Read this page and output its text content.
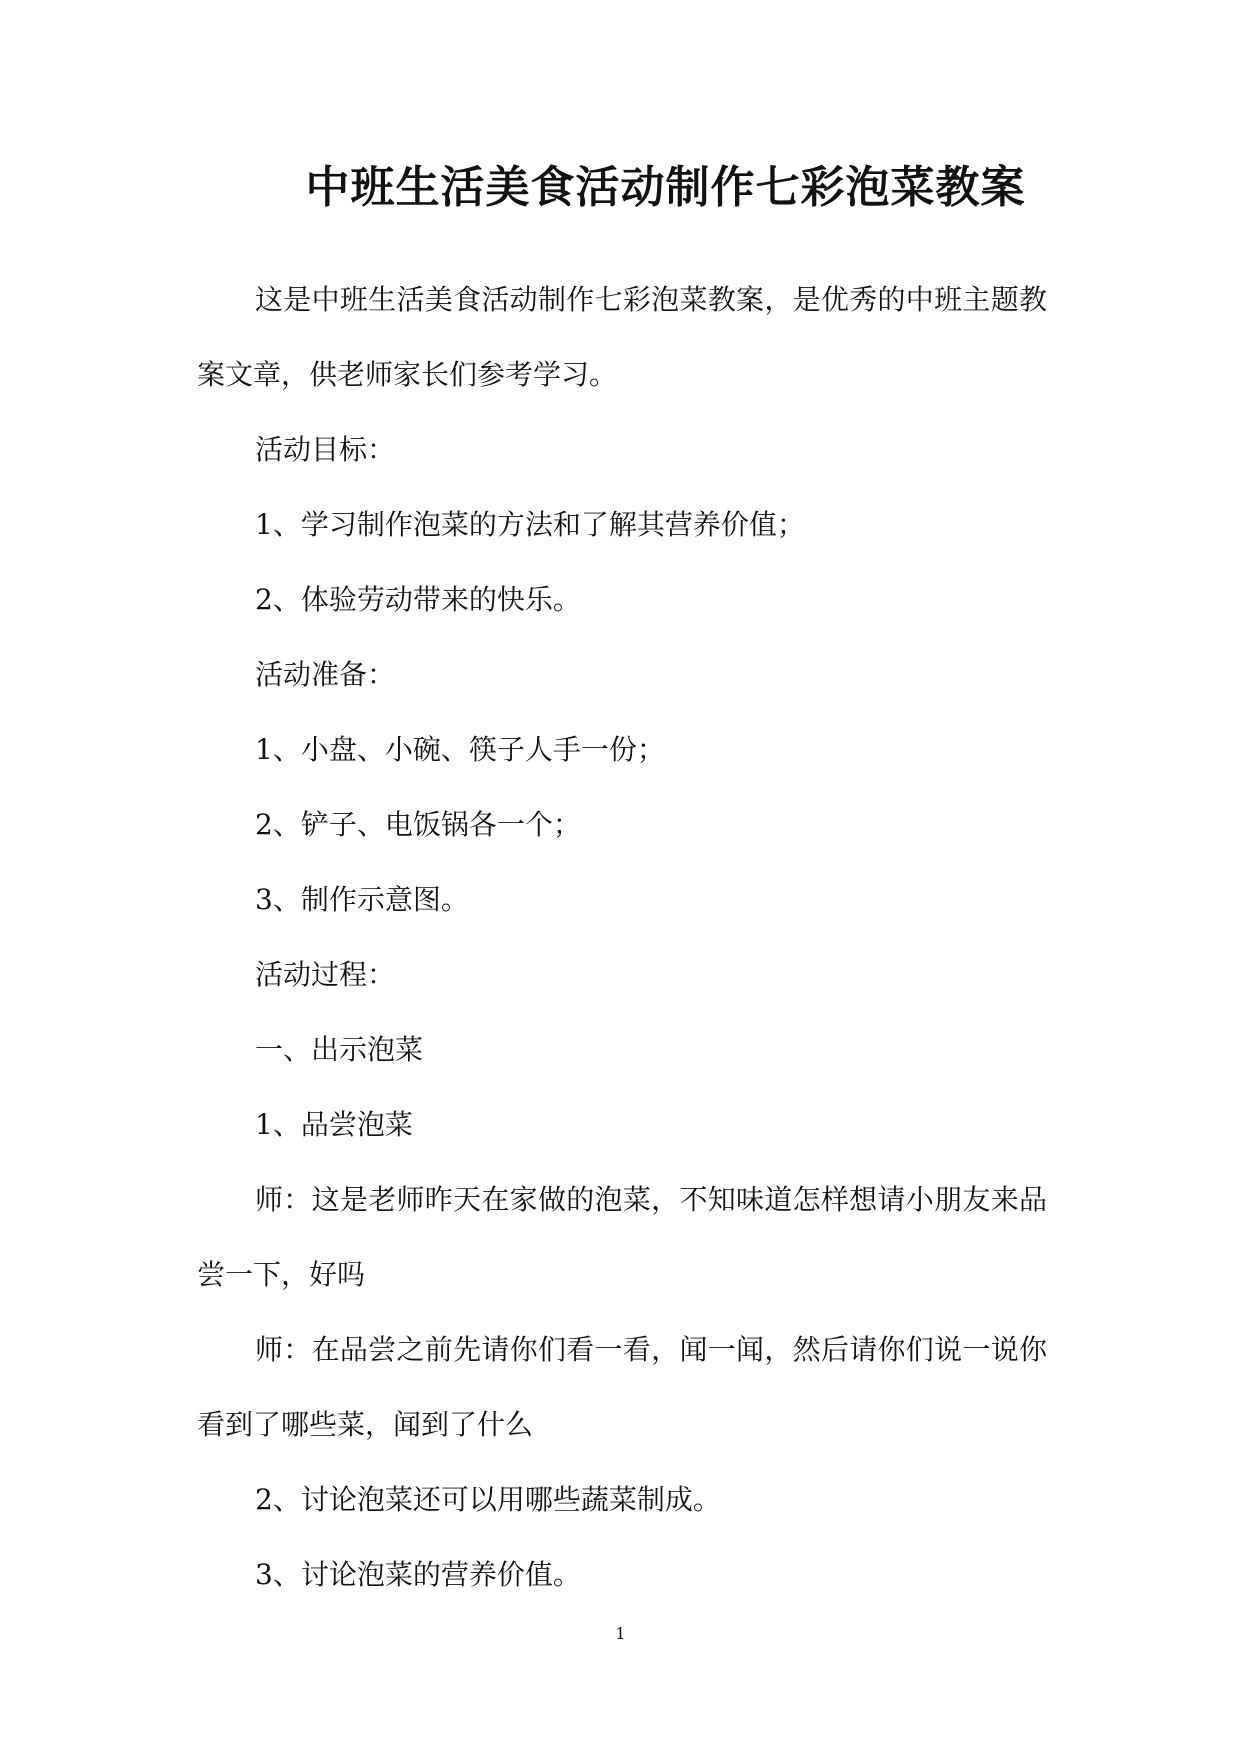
中班生活美食活动制作七彩泡菜教案

这是中班生活美食活动制作七彩泡菜教案，是优秀的中班主题教案文章，供老师家长们参考学习。

活动目标：

1、学习制作泡菜的方法和了解其营养价值；

2、体验劳动带来的快乐。

活动准备：

1、小盘、小碗、筷子人手一份；

2、铲子、电饭锅各一个；

3、制作示意图。

活动过程：

一、出示泡菜

1、品尝泡菜

师：这是老师昨天在家做的泡菜，不知味道怎样想请小朋友来品尝一下，好吗

师：在品尝之前先请你们看一看，闻一闻，然后请你们说一说你看到了哪些菜，闻到了什么

2、讨论泡菜还可以用哪些蔬菜制成。

3、讨论泡菜的营养价值。

1
